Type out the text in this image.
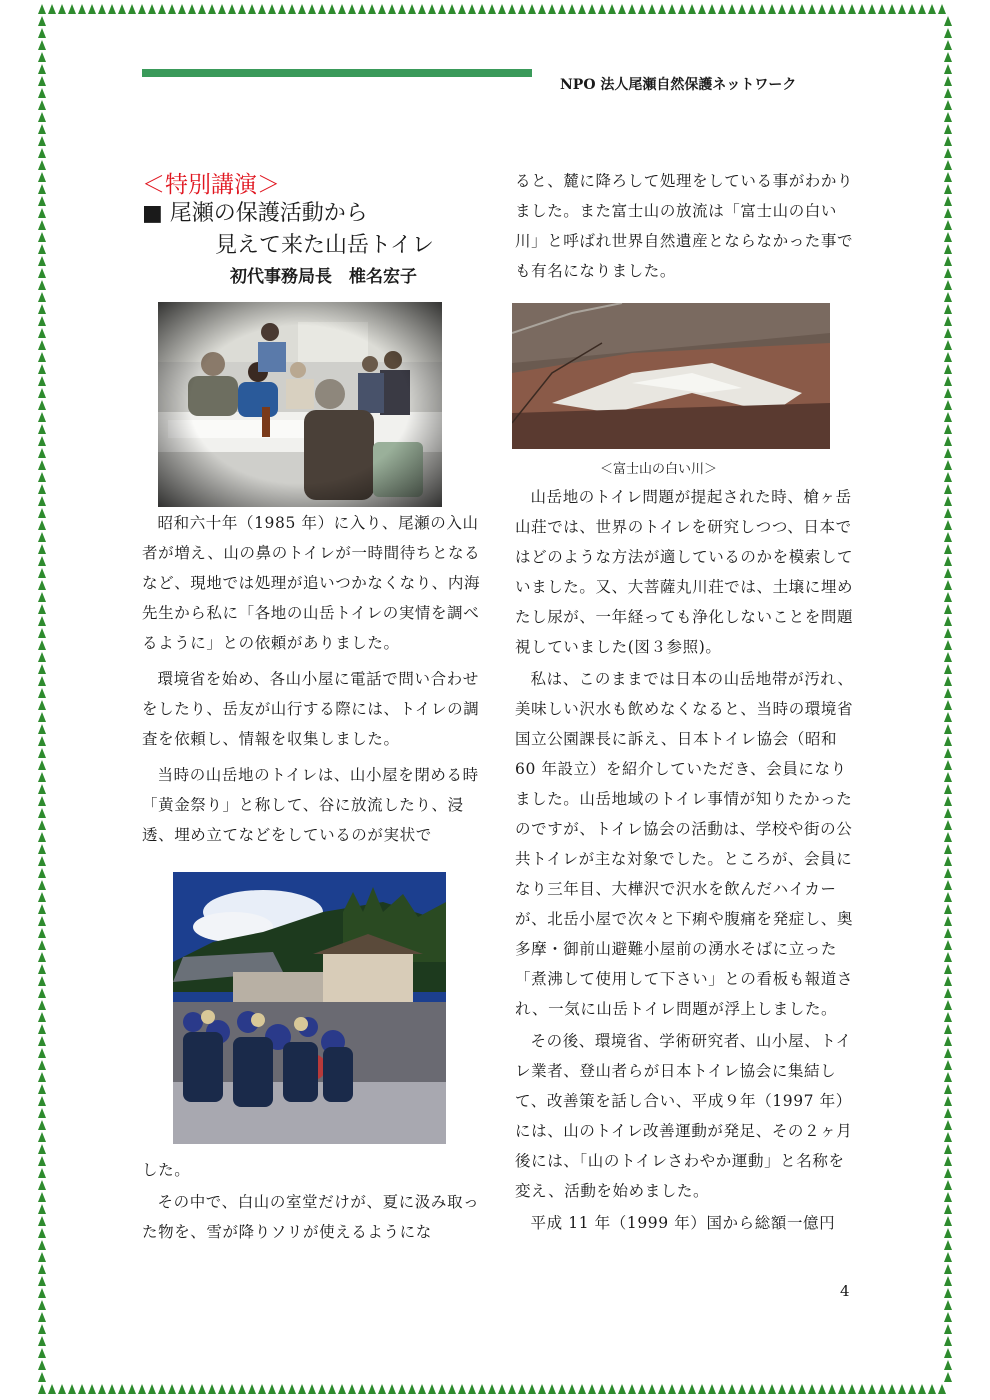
NPO 法人尾瀬自然保護ネットワーク
＜特別講演＞
■ 尾瀬の保護活動から
見えて来た山岳トイレ
初代事務局長　椎名宏子

昭和六十年（1985 年）に入り、尾瀬の入山者が増え、山の鼻のトイレが一時間待ちとなるなど、現地では処理が追いつかなくなり、内海先生から私に「各地の山岳トイレの実情を調べるように」との依頼がありました。

環境省を始め、各山小屋に電話で問い合わせをしたり、岳友が山行する際には、トイレの調査を依頼し、情報を収集しました。

当時の山岳地のトイレは、山小屋を閉める時「黄金祭り」と称して、谷に放流したり、浸透、埋め立てなどをしているのが実状で

した。

その中で、白山の室堂だけが、夏に汲み取った物を、雪が降りソリが使えるようにな

ると、麓に降ろして処理をしている事がわかりました。また富士山の放流は「富士山の白い川」と呼ばれ世界自然遺産とならなかった事でも有名になりました。

＜富士山の白い川＞

山岳地のトイレ問題が提起された時、槍ヶ岳山荘では、世界のトイレを研究しつつ、日本ではどのような方法が適しているのかを模索していました。又、大菩薩丸川荘では、土壌に埋めたし尿が、一年経っても浄化しないことを問題視していました(図３参照)。

私は、このままでは日本の山岳地帯が汚れ、美味しい沢水も飲めなくなると、当時の環境省国立公園課長に訴え、日本トイレ協会（昭和 60 年設立）を紹介していただき、会員になりました。山岳地域のトイレ事情が知りたかったのですが、トイレ協会の活動は、学校や街の公共トイレが主な対象でした。ところが、会員になり三年目、大樺沢で沢水を飲んだハイカーが、北岳小屋で次々と下痢や腹痛を発症し、奥多摩・御前山避難小屋前の湧水そばに立った「煮沸して使用して下さい」との看板も報道され、一気に山岳トイレ問題が浮上しました。

その後、環境省、学術研究者、山小屋、トイレ業者、登山者らが日本トイレ協会に集結して、改善策を話し合い、平成９年（1997 年）には、山のトイレ改善運動が発足、その２ヶ月後には、「山のトイレさわやか運動」と名称を変え、活動を始めました。

平成 11 年（1999 年）国から総額一億円

4
